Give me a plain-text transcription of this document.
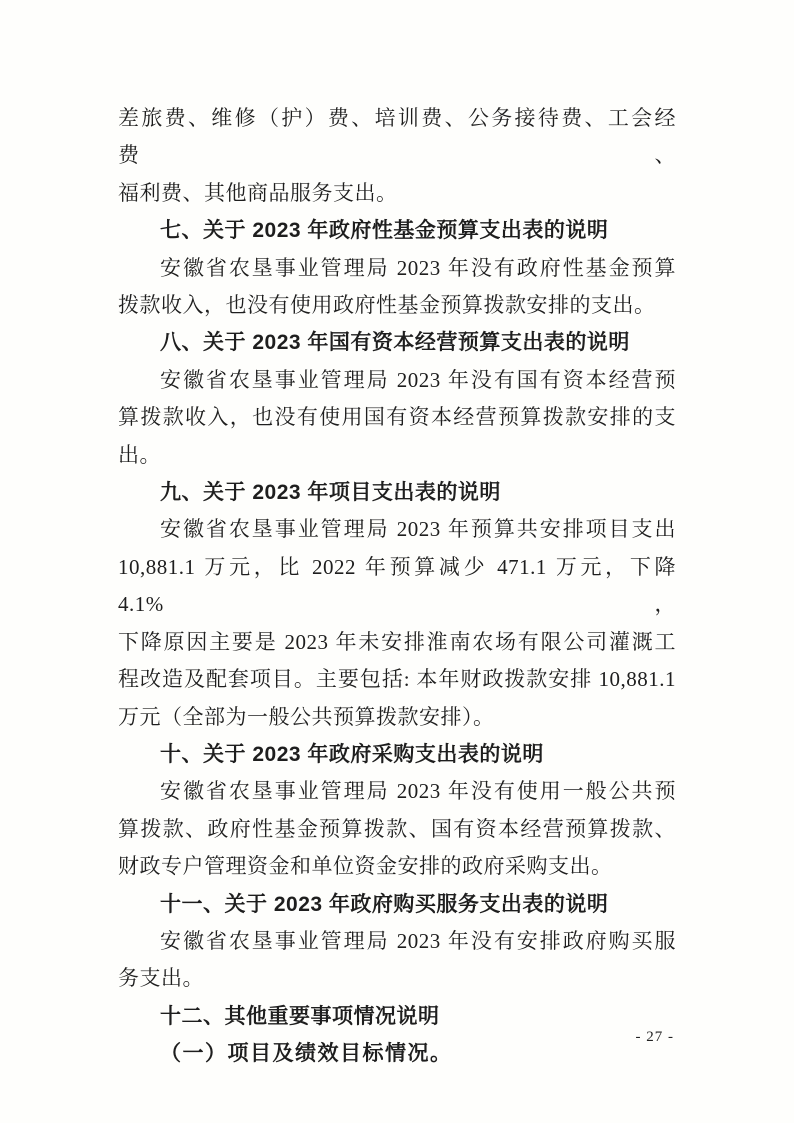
差旅费、维修（护）费、培训费、公务接待费、工会经费、
福利费、其他商品服务支出。
七、关于 2023 年政府性基金预算支出表的说明
安徽省农垦事业管理局 2023 年没有政府性基金预算
拨款收入，也没有使用政府性基金预算拨款安排的支出。
八、关于 2023 年国有资本经营预算支出表的说明
安徽省农垦事业管理局 2023 年没有国有资本经营预
算拨款收入，也没有使用国有资本经营预算拨款安排的支
出。
九、关于 2023 年项目支出表的说明
安徽省农垦事业管理局 2023 年预算共安排项目支出
10,881.1 万元，比 2022 年预算减少 471.1 万元，下降 4.1%，
下降原因主要是 2023 年未安排淮南农场有限公司灌溉工
程改造及配套项目。主要包括: 本年财政拨款安排 10,881.1
万元（全部为一般公共预算拨款安排）。
十、关于 2023 年政府采购支出表的说明
安徽省农垦事业管理局 2023 年没有使用一般公共预
算拨款、政府性基金预算拨款、国有资本经营预算拨款、
财政专户管理资金和单位资金安排的政府采购支出。
十一、关于 2023 年政府购买服务支出表的说明
安徽省农垦事业管理局 2023 年没有安排政府购买服
务支出。
十二、其他重要事项情况说明
（一）项目及绩效目标情况。
- 27 -
